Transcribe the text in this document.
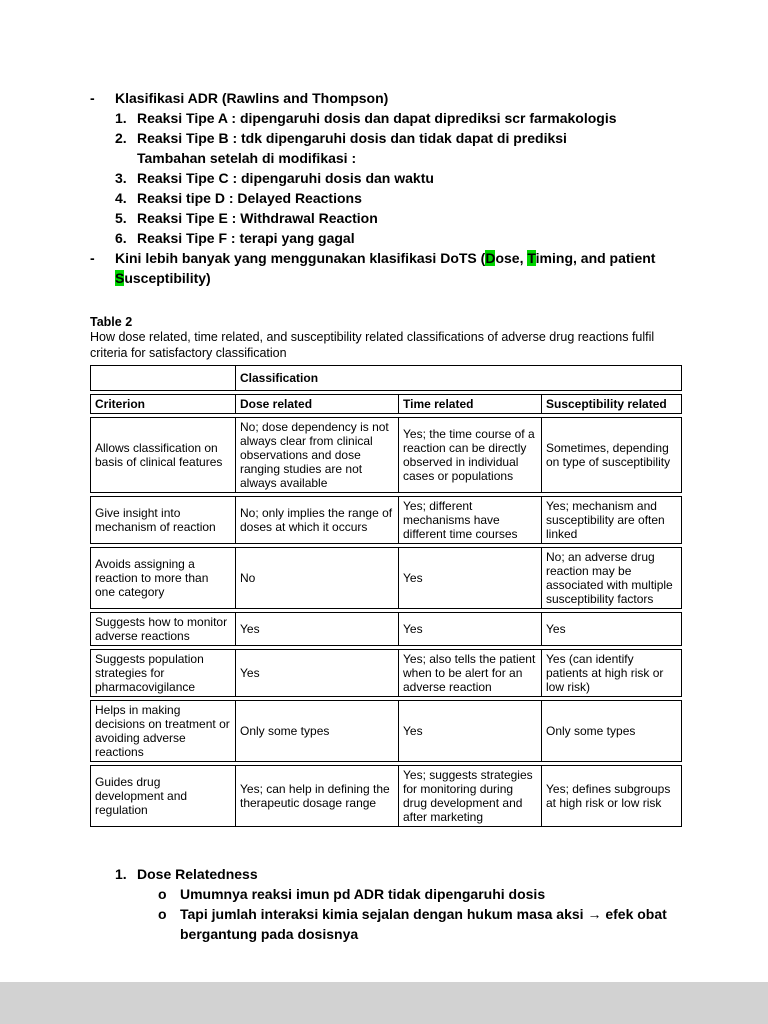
-	Klasifikasi ADR (Rawlins and Thompson)
1. Reaksi Tipe A : dipengaruhi dosis dan dapat diprediksi scr farmakologis
2. Reaksi Tipe B : tdk dipengaruhi dosis dan tidak dapat di prediksi
Tambahan setelah di modifikasi :
3. Reaksi Tipe C : dipengaruhi dosis dan waktu
4. Reaksi tipe D : Delayed Reactions
5. Reaksi Tipe E : Withdrawal Reaction
6. Reaksi Tipe F : terapi yang gagal
-	Kini lebih banyak yang menggunakan klasifikasi DoTS (Dose, Timing, and patient Susceptibility)
Table 2
How dose related, time related, and susceptibility related classifications of adverse drug reactions fulfil criteria for satisfactory classification
	Classification		
Criterion	Dose related	Time related	Susceptibility related
Allows classification on basis of clinical features	No; dose dependency is not always clear from clinical observations and dose ranging studies are not always available	Yes; the time course of a reaction can be directly observed in individual cases or populations	Sometimes, depending on type of susceptibility
Give insight into mechanism of reaction	No; only implies the range of doses at which it occurs	Yes; different mechanisms have different time courses	Yes; mechanism and susceptibility are often linked
Avoids assigning a reaction to more than one category	No	Yes	No; an adverse drug reaction may be associated with multiple susceptibility factors
Suggests how to monitor adverse reactions	Yes	Yes	Yes
Suggests population strategies for pharmacovigilance	Yes	Yes; also tells the patient when to be alert for an adverse reaction	Yes (can identify patients at high risk or low risk)
Helps in making decisions on treatment or avoiding adverse reactions	Only some types	Yes	Only some types
Guides drug development and regulation	Yes; can help in defining the therapeutic dosage range	Yes; suggests strategies for monitoring during drug development and after marketing	Yes; defines subgroups at high risk or low risk
1. Dose Relatedness
o Umumnya reaksi imun pd ADR tidak dipengaruhi dosis
o Tapi jumlah interaksi kimia sejalan dengan hukum masa aksi → efek obat bergantung pada dosisnya
